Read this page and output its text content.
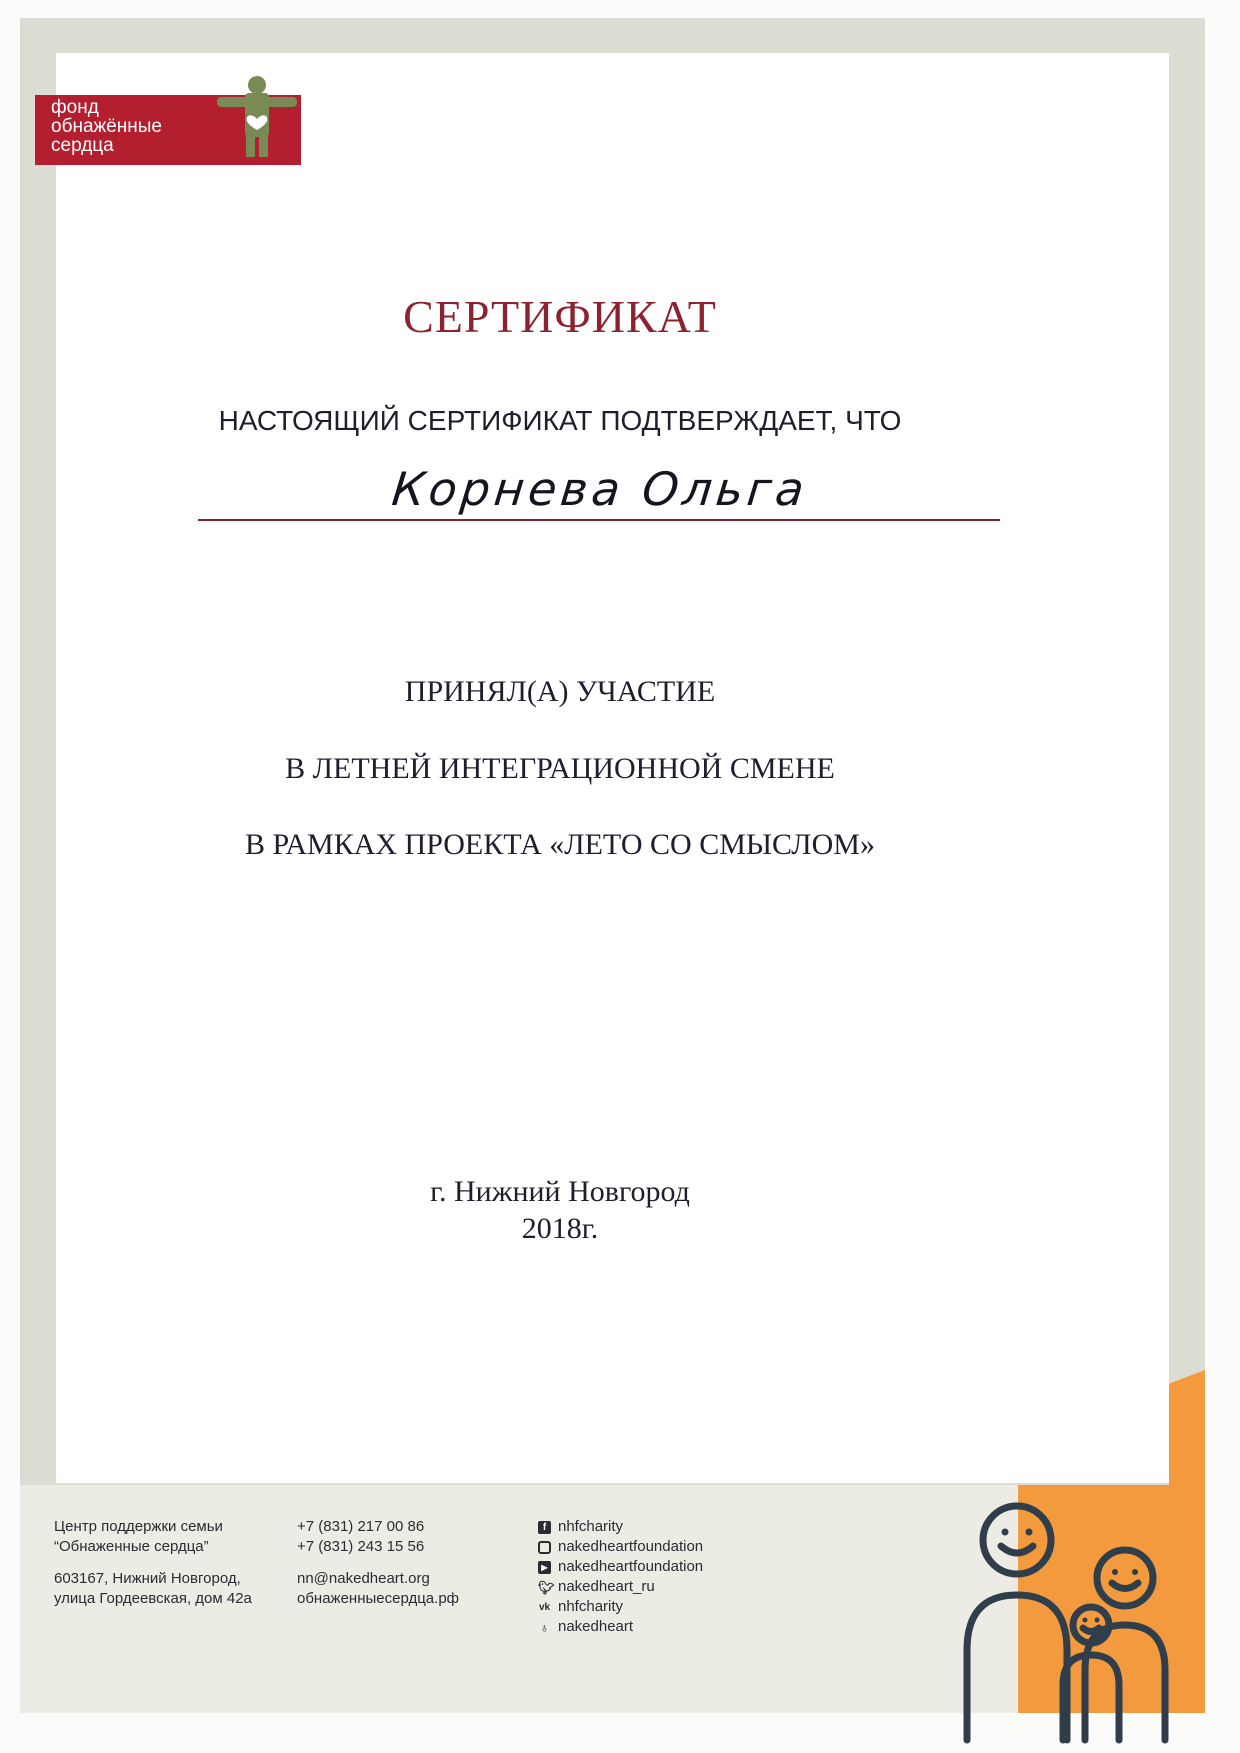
фонд
обнажённые
сердца
СЕРТИФИКАТ
НАСТОЯЩИЙ СЕРТИФИКАТ ПОДТВЕРЖДАЕТ, ЧТО
Корнева Ольга
ПРИНЯЛ(А) УЧАСТИЕ
В ЛЕТНЕЙ ИНТЕГРАЦИОННОЙ СМЕНЕ
В РАМКАХ ПРОЕКТА «ЛЕТО СО СМЫСЛОМ»
г. Нижний Новгород
2018г.
Центр поддержки семьи
“Обнаженные сердца”
603167, Нижний Новгород,
улица Гордеевская, дом 42а
+7 (831) 217 00 86
+7 (831) 243 15 56
nn@nakedheart.org
обнаженныесердца.рф
f nhfcharity
nakedheartfoundation
▶ nakedheartfoundation
🐦︎ nakedheart_ru
vk nhfcharity
♁ nakedheart
